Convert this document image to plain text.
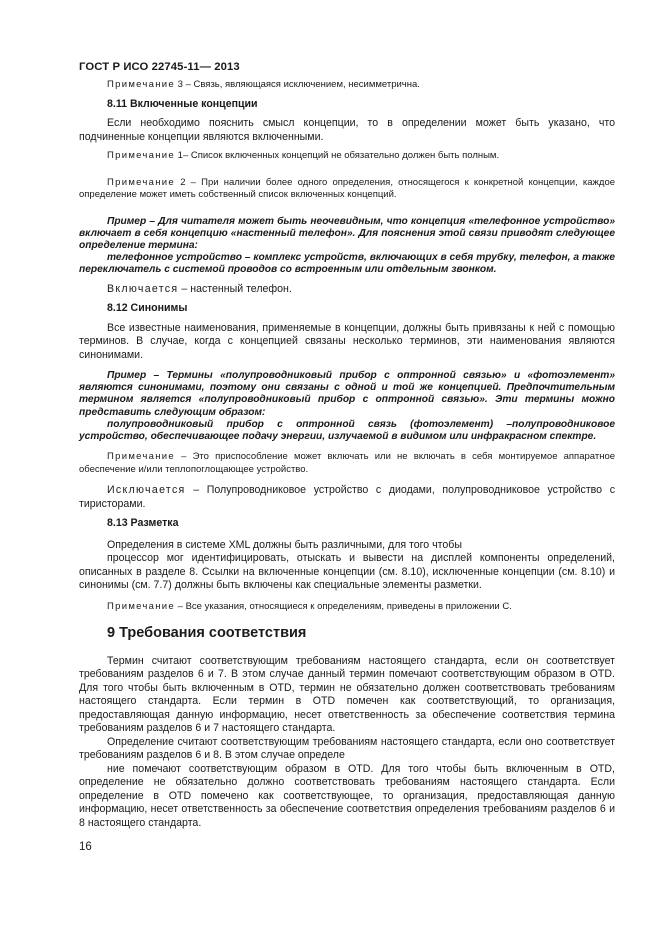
ГОСТ Р ИСО 22745-11— 2013

Примечание 3 – Связь, являющаяся исключением, несимметрична.

8.11 Включенные концепции

Если необходимо пояснить смысл концепции, то в определении может быть указано, что подчиненные концепции являются включенными.

Примечание 1– Список включенных концепций не обязательно должен быть полным.

Примечание 2 – При наличии более одного определения, относящегося к конкретной концепции, каждое определение может иметь собственный список включенных концепций.

Пример – Для читателя может быть неочевидным, что концепция «телефонное устройство» включает в себя концепцию «настенный телефон». Для пояснения этой связи приводят следующее определение термина:

телефонное устройство – комплекс устройств, включающих в себя трубку, телефон, а также переключатель с системой проводов со встроенным или отдельным звонком.

Включается – настенный телефон.

8.12 Синонимы

Все известные наименования, применяемые в концепции, должны быть привязаны к ней с помощью терминов. В случае, когда с концепцией связаны несколько терминов, эти наименования являются синонимами.

Пример – Термины «полупроводниковый прибор с оптронной связью» и «фотоэлемент» являются синонимами, поэтому они связаны с одной и той же концепцией. Предпочтительным термином является «полупроводниковый прибор с оптронной связью». Эти термины можно представить следующим образом:

полупроводниковый прибор с оптронной связь (фотоэлемент) –полупроводниковое устройство, обеспечивающее подачу энергии, излучаемой в видимом или инфракрасном спектре.

Примечание – Это приспособление может включать или не включать в себя монтируемое аппаратное обеспечение и/или теплопоглощающее устройство.

Исключается – Полупроводниковое устройство с диодами, полупроводниковое устройство с тиристорами.

8.13 Разметка

Определения в системе XML должны быть различными, для того чтобы

процессор мог идентифицировать, отыскать и вывести на дисплей компоненты определений, описанных в разделе 8. Ссылки на включенные концепции (см. 8.10), исключенные концепции (см. 8.10) и синонимы (см. 7.7) должны быть включены как специальные элементы разметки.

Примечание – Все указания, относящиеся к определениям, приведены в приложении С.

9 Требования соответствия

Термин считают соответствующим требованиям настоящего стандарта, если он соответствует требованиям разделов 6 и 7. В этом случае данный термин помечают соответствующим образом в OTD. Для того чтобы быть включенным в OTD, термин не обязательно должен соответствовать требованиям настоящего стандарта. Если термин в OTD помечен как соответствующий, то организация, предоставляющая данную информацию, несет ответственность за обеспечение соответствия термина требованиям разделов 6 и 7 настоящего стандарта.

Определение считают соответствующим требованиям настоящего стандарта, если оно соответствует требованиям разделов 6 и 8. В этом случае определе

ние помечают соответствующим образом в OTD. Для того чтобы быть включенным в OTD, определение не обязательно должно соответствовать требованиям настоящего стандарта. Если определение в OTD помечено как соответствующее, то организация, предоставляющая данную информацию, несет ответственность за обеспечение соответствия определения требованиям разделов 6 и 8 настоящего стандарта.

16
